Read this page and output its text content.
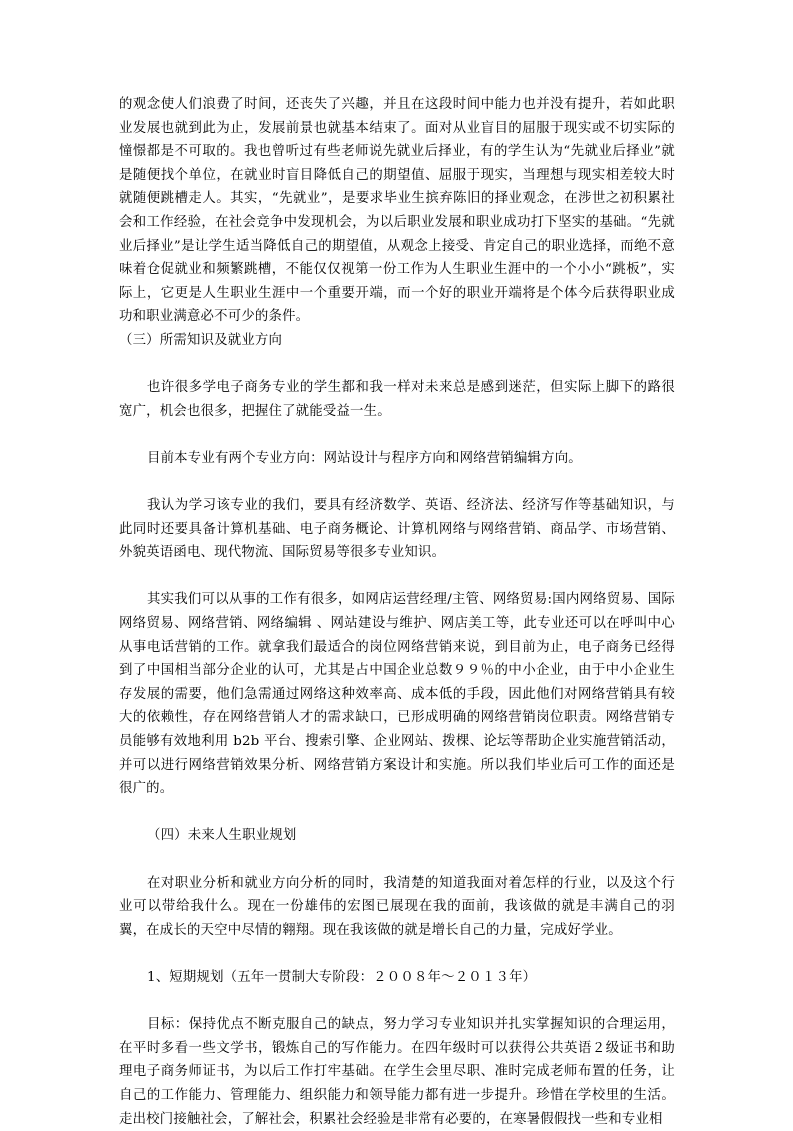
的观念使人们浪费了时间，还丧失了兴趣，并且在这段时间中能力也并没有提升，若如此职业发展也就到此为止，发展前景也就基本结束了。面对从业盲目的屈服于现实或不切实际的憧憬都是不可取的。我也曾听过有些老师说先就业后择业，有的学生认为“先就业后择业”就是随便找个单位，在就业时盲目降低自己的期望值、屈服于现实，当理想与现实相差较大时就随便跳槽走人。其实，“先就业”，是要求毕业生摈弃陈旧的择业观念，在涉世之初积累社会和工作经验，在社会竞争中发现机会，为以后职业发展和职业成功打下坚实的基础。“先就业后择业”是让学生适当降低自己的期望值，从观念上接受、肯定自己的职业选择，而绝不意味着仓促就业和频繁跳槽，不能仅仅视第一份工作为人生职业生涯中的一个小小“跳板”，实际上，它更是人生职业生涯中一个重要开端，而一个好的职业开端将是个体今后获得职业成功和职业满意必不可少的条件。

（三）所需知识及就业方向

也许很多学电子商务专业的学生都和我一样对未来总是感到迷茫，但实际上脚下的路很宽广，机会也很多，把握住了就能受益一生。

目前本专业有两个专业方向：网站设计与程序方向和网络营销编辑方向。

我认为学习该专业的我们，要具有经济数学、英语、经济法、经济写作等基础知识，与此同时还要具备计算机基础、电子商务概论、计算机网络与网络营销、商品学、市场营销、外貌英语函电、现代物流、国际贸易等很多专业知识。

其实我们可以从事的工作有很多，如网店运营经理/主管、网络贸易:国内网络贸易、国际网络贸易、网络营销、网络编辑 、网站建设与维护、网店美工等，此专业还可以在呼叫中心从事电话营销的工作。就拿我们最适合的岗位网络营销来说，到目前为止，电子商务已经得到了中国相当部分企业的认可，尤其是占中国企业总数９９％的中小企业，由于中小企业生存发展的需要，他们急需通过网络这种效率高、成本低的手段，因此他们对网络营销具有较大的依赖性，存在网络营销人才的需求缺口，已形成明确的网络营销岗位职责。网络营销专员能够有效地利用 b2b 平台、搜索引擎、企业网站、拨棵、论坛等帮助企业实施营销活动，并可以进行网络营销效果分析、网络营销方案设计和实施。所以我们毕业后可工作的面还是很广的。

（四）未来人生职业规划

在对职业分析和就业方向分析的同时，我清楚的知道我面对着怎样的行业，以及这个行业可以带给我什么。现在一份雄伟的宏图已展现在我的面前，我该做的就是丰满自己的羽翼，在成长的天空中尽情的翱翔。现在我该做的就是增长自己的力量，完成好学业。

1、短期规划（五年一贯制大专阶段：２００８年～２０１３年）

目标：保持优点不断克服自己的缺点，努力学习专业知识并扎实掌握知识的合理运用，在平时多看一些文学书，锻炼自己的写作能力。在四年级时可以获得公共英语２级证书和助理电子商务师证书，为以后工作打牢基础。在学生会里尽职、准时完成老师布置的任务，让自己的工作能力、管理能力、组织能力和领导能力都有进一步提升。珍惜在学校里的生活。走出校门接触社会，了解社会，积累社会经验是非常有必要的，在寒暑假假找一些和专业相
